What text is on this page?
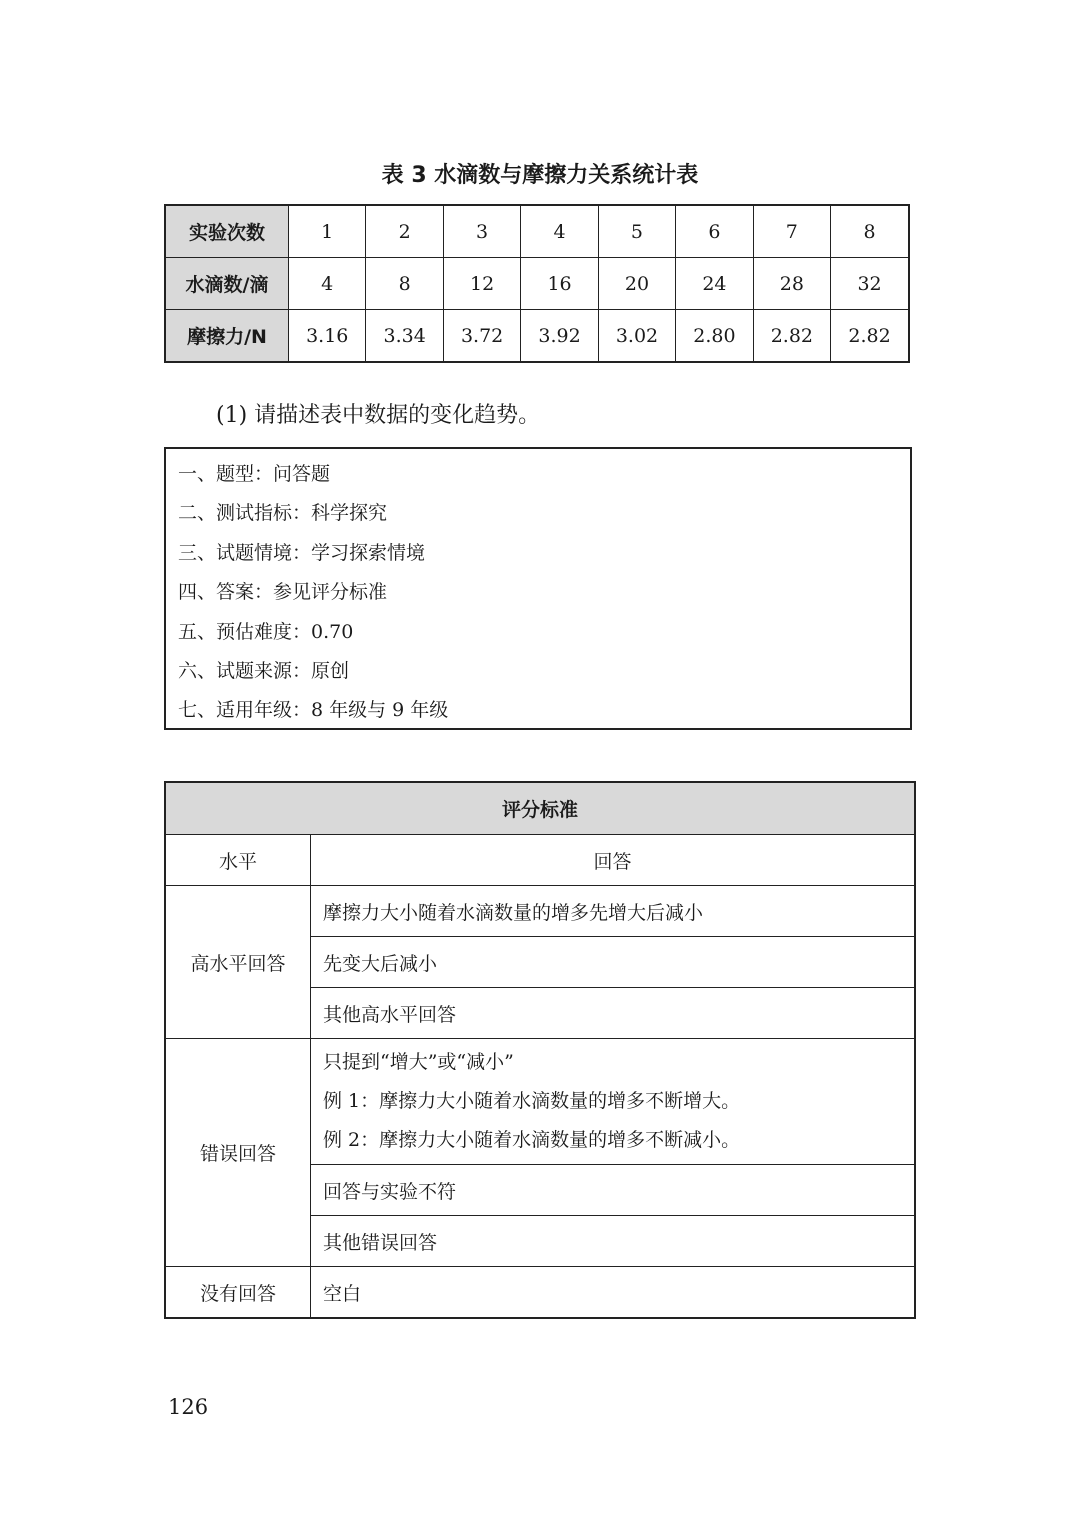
表 3 水滴数与摩擦力关系统计表
实验次数	1	2	3	4	5	6	7	8
水滴数/滴	4	8	12	16	20	24	28	32
摩擦力/N	3.16	3.34	3.72	3.92	3.02	2.80	2.82	2.82
(1) 请描述表中数据的变化趋势。
一、题型：问答题
二、测试指标：科学探究
三、试题情境：学习探索情境
四、答案：参见评分标准
五、预估难度：0.70
六、试题来源：原创
七、适用年级：8 年级与 9 年级
评分标准	
水平	回答
高水平回答	摩擦力大小随着水滴数量的增多先增大后减小
	先变大后减小
	其他高水平回答
错误回答	只提到“增大”或“减小”
例 1：摩擦力大小随着水滴数量的增多不断增大。
例 2：摩擦力大小随着水滴数量的增多不断减小。

	回答与实验不符
	其他错误回答
没有回答	空白
126
